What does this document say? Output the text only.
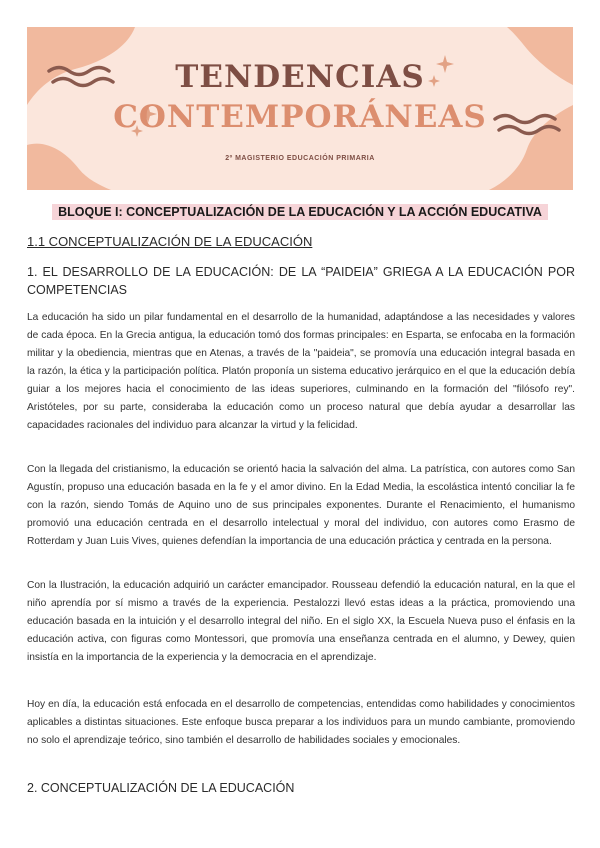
TENDENCIAS
CONTEMPORÁNEAS
2º MAGISTERIO EDUCACIÓN PRIMARIA
BLOQUE I: CONCEPTUALIZACIÓN DE LA EDUCACIÓN Y LA ACCIÓN EDUCATIVA
1.1 CONCEPTUALIZACIÓN DE LA EDUCACIÓN
1. EL DESARROLLO DE LA EDUCACIÓN: DE LA “PAIDEIA” GRIEGA A LA EDUCACIÓN POR COMPETENCIAS
La educación ha sido un pilar fundamental en el desarrollo de la humanidad, adaptándose a las necesidades y valores de cada época. En la Grecia antigua, la educación tomó dos formas principales: en Esparta, se enfocaba en la formación militar y la obediencia, mientras que en Atenas, a través de la "paideia", se promovía una educación integral basada en la razón, la ética y la participación política. Platón proponía un sistema educativo jerárquico en el que la educación debía guiar a los mejores hacia el conocimiento de las ideas superiores, culminando en la formación del "filósofo rey". Aristóteles, por su parte, consideraba la educación como un proceso natural que debía ayudar a desarrollar las capacidades racionales del individuo para alcanzar la virtud y la felicidad.
Con la llegada del cristianismo, la educación se orientó hacia la salvación del alma. La patrística, con autores como San Agustín, propuso una educación basada en la fe y el amor divino. En la Edad Media, la escolástica intentó conciliar la fe con la razón, siendo Tomás de Aquino uno de sus principales exponentes. Durante el Renacimiento, el humanismo promovió una educación centrada en el desarrollo intelectual y moral del individuo, con autores como Erasmo de Rotterdam y Juan Luis Vives, quienes defendían la importancia de una educación práctica y centrada en la persona.
Con la Ilustración, la educación adquirió un carácter emancipador. Rousseau defendió la educación natural, en la que el niño aprendía por sí mismo a través de la experiencia. Pestalozzi llevó estas ideas a la práctica, promoviendo una educación basada en la intuición y el desarrollo integral del niño. En el siglo XX, la Escuela Nueva puso el énfasis en la educación activa, con figuras como Montessori, que promovía una enseñanza centrada en el alumno, y Dewey, quien insistía en la importancia de la experiencia y la democracia en el aprendizaje.
Hoy en día, la educación está enfocada en el desarrollo de competencias, entendidas como habilidades y conocimientos aplicables a distintas situaciones. Este enfoque busca preparar a los individuos para un mundo cambiante, promoviendo no solo el aprendizaje teórico, sino también el desarrollo de habilidades sociales y emocionales.
2. CONCEPTUALIZACIÓN DE LA EDUCACIÓN
